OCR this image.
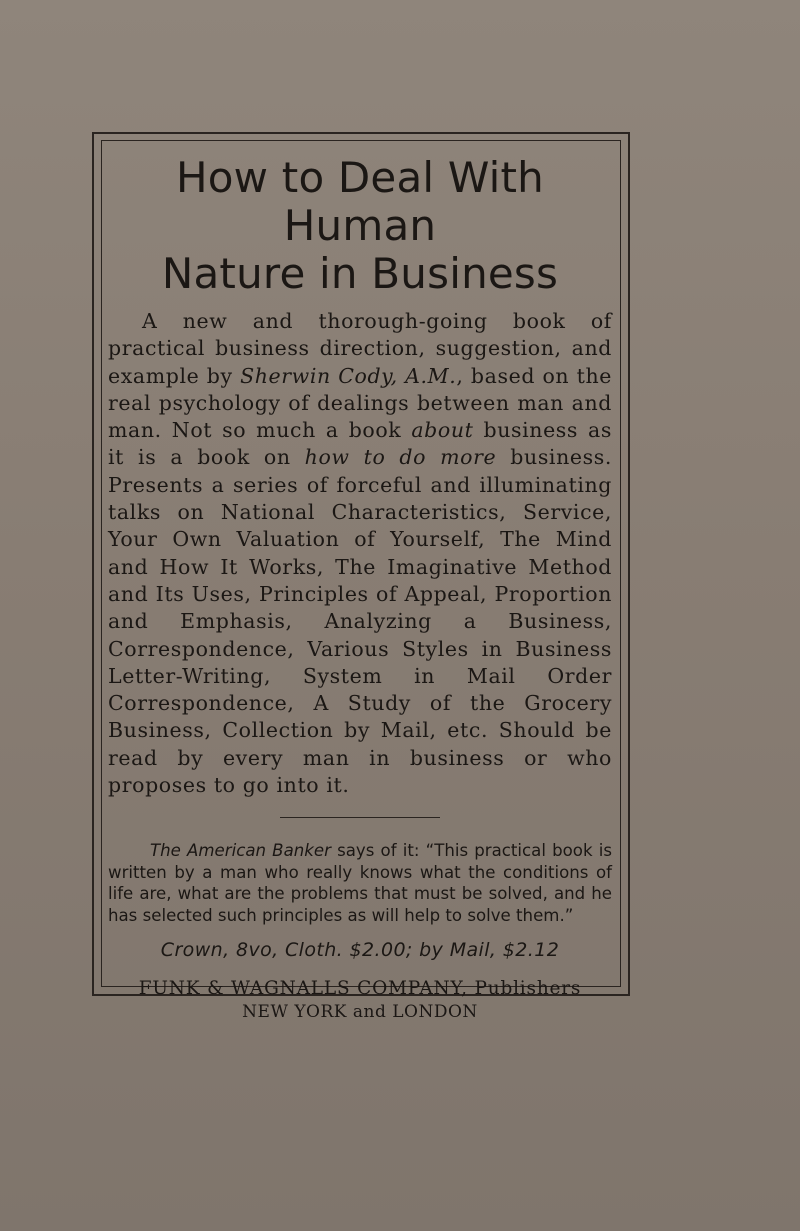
How to Deal With Human
Nature in Business

A new and thorough-going book of practical business direction, suggestion, and example by Sherwin Cody, A.M., based on the real psychology of dealings between man and man. Not so much a book about business as it is a book on how to do more business. Presents a series of forceful and illuminating talks on National Characteristics, Service, Your Own Valuation of Yourself, The Mind and How It Works, The Imaginative Method and Its Uses, Principles of Appeal, Proportion and Emphasis, Analyzing a Business, Correspondence, Various Styles in Business Letter-Writing, System in Mail Order Correspondence, A Study of the Grocery Business, Collection by Mail, etc. Should be read by every man in business or who proposes to go into it.

The American Banker says of it: “This practical book is written by a man who really knows what the conditions of life are, what are the problems that must be solved, and he has selected such principles as will help to solve them.”

Crown, 8vo, Cloth. $2.00; by Mail, $2.12

FUNK & WAGNALLS COMPANY, Publishers

NEW YORK and LONDON
